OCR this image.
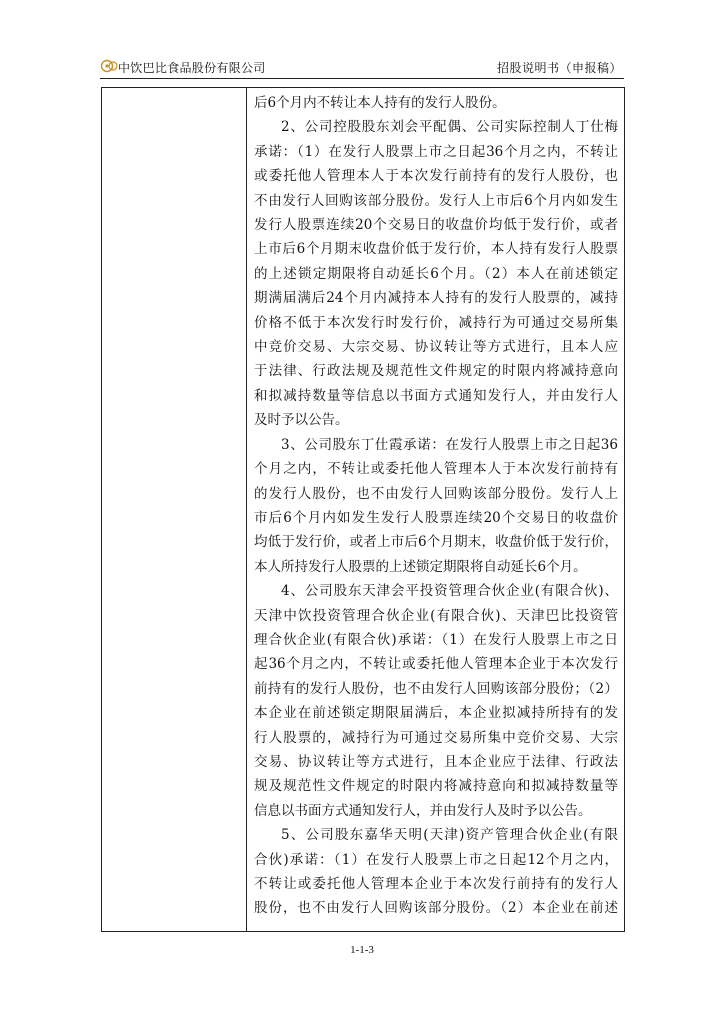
中饮巴比食品股份有限公司	招股说明书（申报稿）

后6个月内不转让本人持有的发行人股份。

2、公司控股股东刘会平配偶、公司实际控制人丁仕梅

承诺：（1）在发行人股票上市之日起36个月之内，不转让

或委托他人管理本人于本次发行前持有的发行人股份，也

不由发行人回购该部分股份。发行人上市后6个月内如发生

发行人股票连续20个交易日的收盘价均低于发行价，或者

上市后6个月期末收盘价低于发行价，本人持有发行人股票

的上述锁定期限将自动延长6个月。（2）本人在前述锁定

期满届满后24个月内减持本人持有的发行人股票的，减持

价格不低于本次发行时发行价，减持行为可通过交易所集

中竞价交易、大宗交易、协议转让等方式进行，且本人应

于法律、行政法规及规范性文件规定的时限内将减持意向

和拟减持数量等信息以书面方式通知发行人，并由发行人

及时予以公告。

3、公司股东丁仕霞承诺：在发行人股票上市之日起36

个月之内，不转让或委托他人管理本人于本次发行前持有

的发行人股份，也不由发行人回购该部分股份。发行人上

市后6个月内如发生发行人股票连续20个交易日的收盘价

均低于发行价，或者上市后6个月期末，收盘价低于发行价，

本人所持发行人股票的上述锁定期限将自动延长6个月。

4、公司股东天津会平投资管理合伙企业(有限合伙)、

天津中饮投资管理合伙企业(有限合伙)、天津巴比投资管

理合伙企业(有限合伙)承诺：（1）在发行人股票上市之日

起36个月之内，不转让或委托他人管理本企业于本次发行

前持有的发行人股份，也不由发行人回购该部分股份；（2）

本企业在前述锁定期限届满后，本企业拟减持所持有的发

行人股票的，减持行为可通过交易所集中竞价交易、大宗

交易、协议转让等方式进行，且本企业应于法律、行政法

规及规范性文件规定的时限内将减持意向和拟减持数量等

信息以书面方式通知发行人，并由发行人及时予以公告。

5、公司股东嘉华天明(天津)资产管理合伙企业(有限

合伙)承诺：（1）在发行人股票上市之日起12个月之内，

不转让或委托他人管理本企业于本次发行前持有的发行人

股份，也不由发行人回购该部分股份。（2）本企业在前述

1-1-3
